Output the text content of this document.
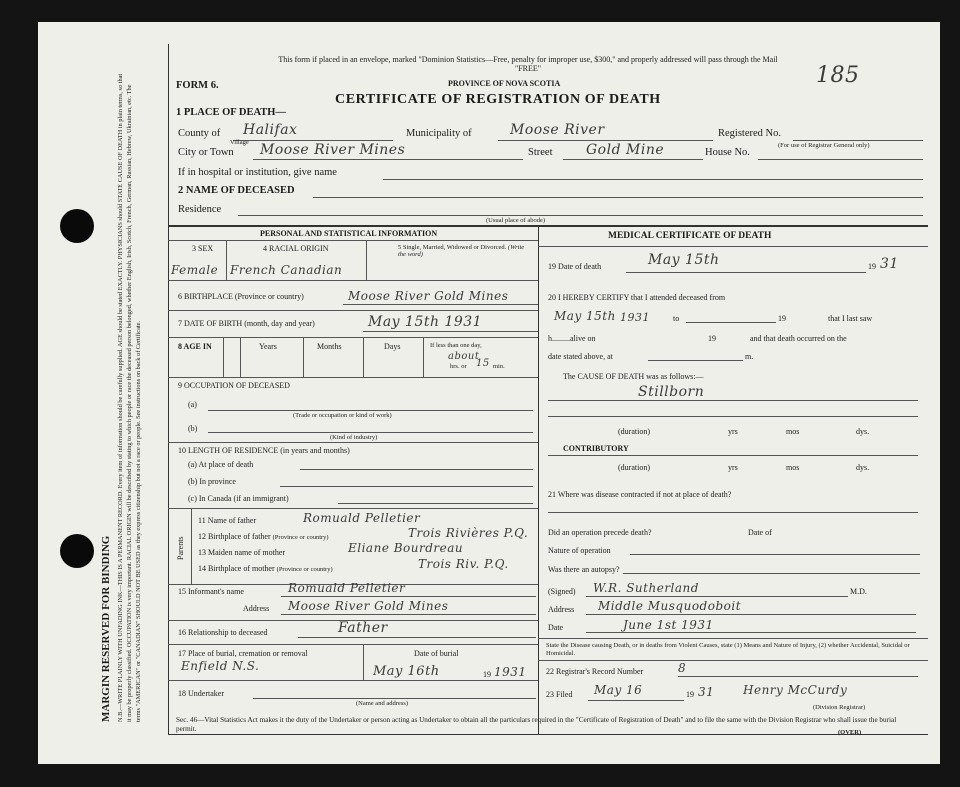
MARGIN RESERVED FOR BINDING N.B.—WRITE PLAINLY WITH UNFADING INK—THIS IS A PERMANENT RECORD. Every item of information should be carefully supplied. AGE should be stated EXACTLY. PHYSICIANS should STATE CAUSE OF DEATH in plain terms, so that it may be properly classified. OCCUPATION is very important. RACIAL ORIGIN will be described by stating to which people or race the deceased person belonged, whether English, Irish, Scotch, French, German, Russian, Hebrew, Ukrainian, etc. The terms "AMERICAN" or "CANADIAN" SHOULD NOT BE USED as they express citizenship but not a race or people. See instructions on back of Certificate.
This form if placed in an envelope, marked "Dominion Statistics—Free, penalty for improper use, $300," and properly addressed will pass through the Mail "FREE"
PROVINCE OF NOVA SCOTIA
FORM 6.
CERTIFICATE OF REGISTRATION OF DEATH
185
1 PLACE OF DEATH—
County of Halifax	Municipality of	Moose River	Registered No.
(For use of Registrar General only)
Village
City or Town Moose River Mines	Street Gold Mine	House No.
If in hospital or institution, give name
2 NAME OF DECEASED
Residence
(Usual place of abode)
PERSONAL AND STATISTICAL INFORMATION
3 SEX	4 RACIAL ORIGIN	5 Single, Married, Widowed or Divorced. (Write the word)
Female French Canadian
6 BIRTHPLACE (Province or country)	Moose River Gold Mines
7 DATE OF BIRTH (month, day and year)	May 15th 1931
8 AGE IN	Years	Months	Days	If less than one day,
about
hrs. or 15 min.
9 OCCUPATION OF DECEASED
(a)
(Trade or occupation or kind of work)
(b)
(Kind of industry)
10 LENGTH OF RESIDENCE (in years and months)
(a) At place of death
(b) In province
(c) In Canada (if an immigrant)
Parents
11 Name of father	Romuald Pelletier
12 Birthplace of father (Province or country)	Trois Rivières P.Q.
13 Maiden name of mother	Eliane Bourdreau
14 Birthplace of mother (Province or country)	Trois Riv. P.Q.
15 Informant's name	Romuald Pelletier
Address Moose River Gold Mines
16 Relationship to deceased	Father
17 Place of burial, cremation or removal	Date of burial
Enfield N.S.	May 16th	19 1931
18 Undertaker
(Name and address)
MEDICAL CERTIFICATE OF DEATH
19 Date of death	May 15th	19 31
20 I HEREBY CERTIFY that I attended deceased from
May 15th 1931	to	19	that I last saw
h.........alive on	19	and that death occurred on the
date stated above, at	m.
The CAUSE OF DEATH was as follows:—
Stillborn
(duration)	yrs	mos	dys.
CONTRIBUTORY
(duration)	yrs	mos	dys.
21 Where was disease contracted if not at place of death?
Did an operation precede death?	Date of
Nature of operation
Was there an autopsy?
(Signed) W.R. Sutherland	M.D.
Address Middle Musquodoboit
Date	June 1st 1931
State the Disease causing Death, or in deaths from Violent Causes, state (1) Means and Nature of Injury, (2) whether Accidental, Suicidal or Homicidal.
22 Registrar's Record Number	8
23 Filed May 16	19 31 Henry McCurdy
(Division Registrar)
Sec. 46—Vital Statistics Act makes it the duty of the Undertaker or person acting as Undertaker to obtain all the particulars required in the "Certificate of Registration of Death" and to file the same with the Division Registrar who shall issue the burial permit.	(OVER)
